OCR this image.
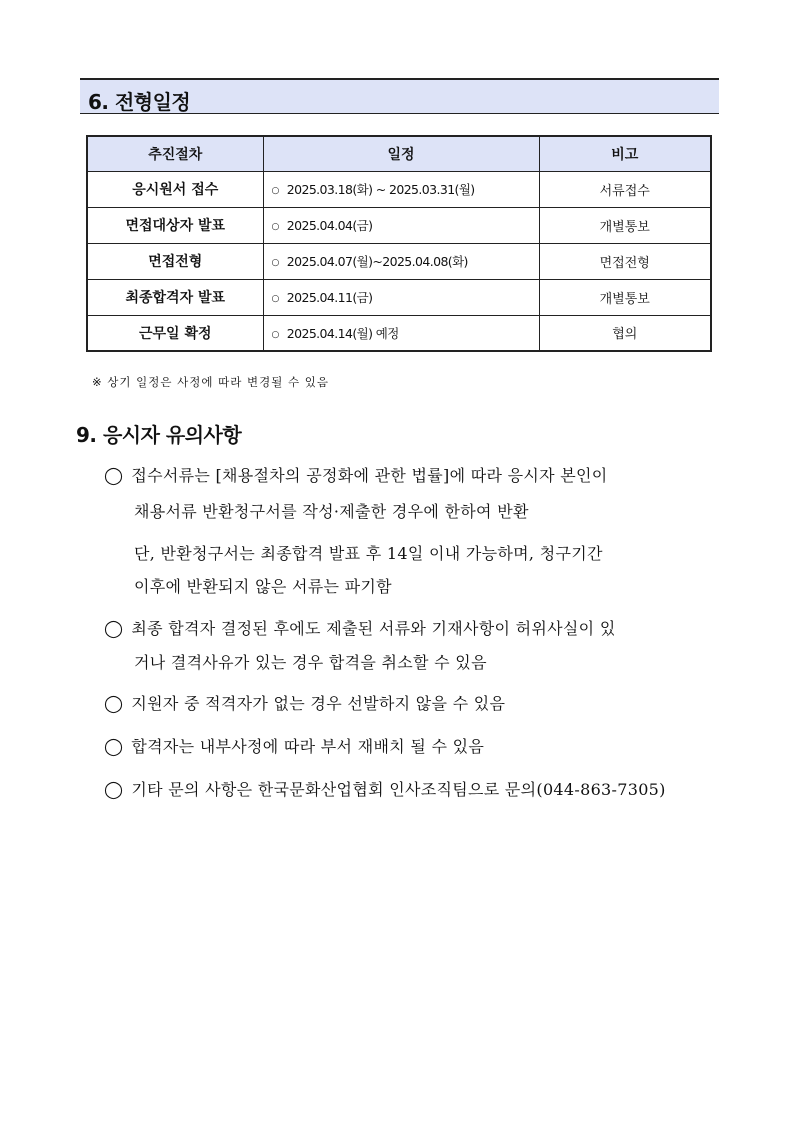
6. 전형일정
추진절차	일정	비고
응시원서 접수	○ 2025.03.18(화) ~ 2025.03.31(월)	서류접수
면접대상자 발표	○ 2025.04.04(금)	개별통보
면접전형	○ 2025.04.07(월)~2025.04.08(화)	면접전형
최종합격자 발표	○ 2025.04.11(금)	개별통보
근무일 확정	○ 2025.04.14(월) 예정	협의
※ 상기 일정은 사정에 따라 변경될 수 있음
9. 응시자 유의사항
◯ 접수서류는 [채용절차의 공정화에 관한 법률]에 따라 응시자 본인이
채용서류 반환청구서를 작성·제출한 경우에 한하여 반환
단, 반환청구서는 최종합격 발표 후 14일 이내 가능하며, 청구기간
이후에 반환되지 않은 서류는 파기함
◯ 최종 합격자 결정된 후에도 제출된 서류와 기재사항이 허위사실이 있
거나 결격사유가 있는 경우 합격을 취소할 수 있음
◯ 지원자 중 적격자가 없는 경우 선발하지 않을 수 있음
◯ 합격자는 내부사정에 따라 부서 재배치 될 수 있음
◯ 기타 문의 사항은 한국문화산업협회 인사조직팀으로 문의(044-863-7305)
